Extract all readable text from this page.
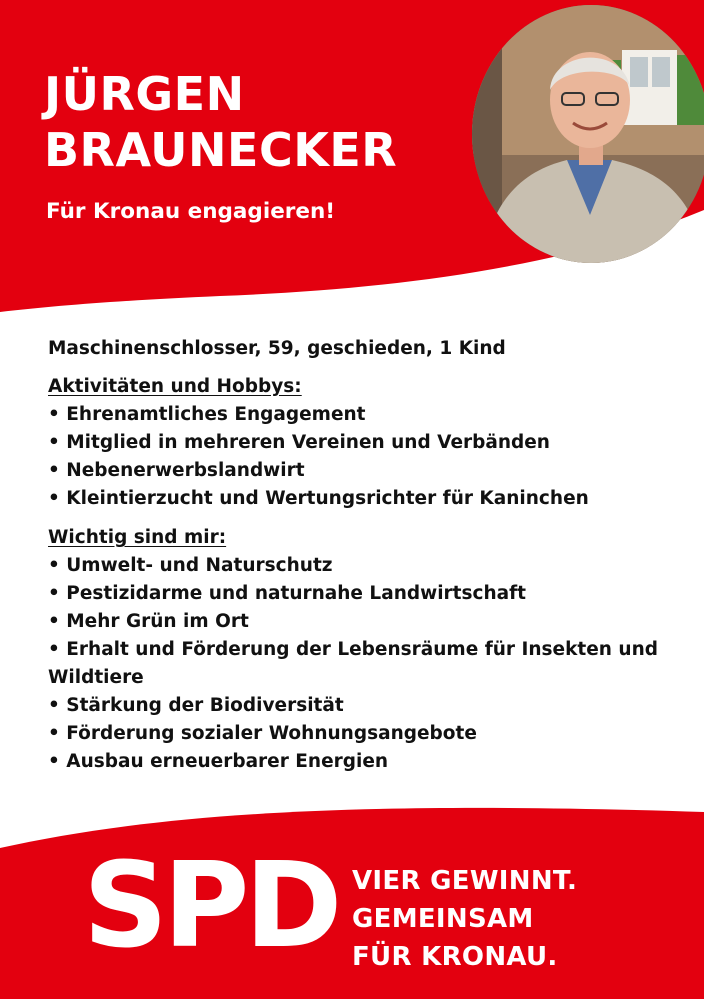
JÜRGEN
BRAUNECKER

Für Kronau engagieren!

Maschinenschlosser, 59, geschieden, 1 Kind
Aktivitäten und Hobbys:
• Ehrenamtliches Engagement
• Mitglied in mehreren Vereinen und Verbänden
• Nebenerwerbslandwirt
• Kleintierzucht und Wertungsrichter für Kaninchen
Wichtig sind mir:
• Umwelt- und Naturschutz
• Pestizidarme und naturnahe Landwirtschaft
• Mehr Grün im Ort
• Erhalt und Förderung der Lebensräume für Insekten und Wildtiere
• Stärkung der Biodiversität
• Förderung sozialer Wohnungsangebote
• Ausbau erneuerbarer Energien
SPD VIER GEWINNT.
GEMEINSAM
FÜR KRONAU.
